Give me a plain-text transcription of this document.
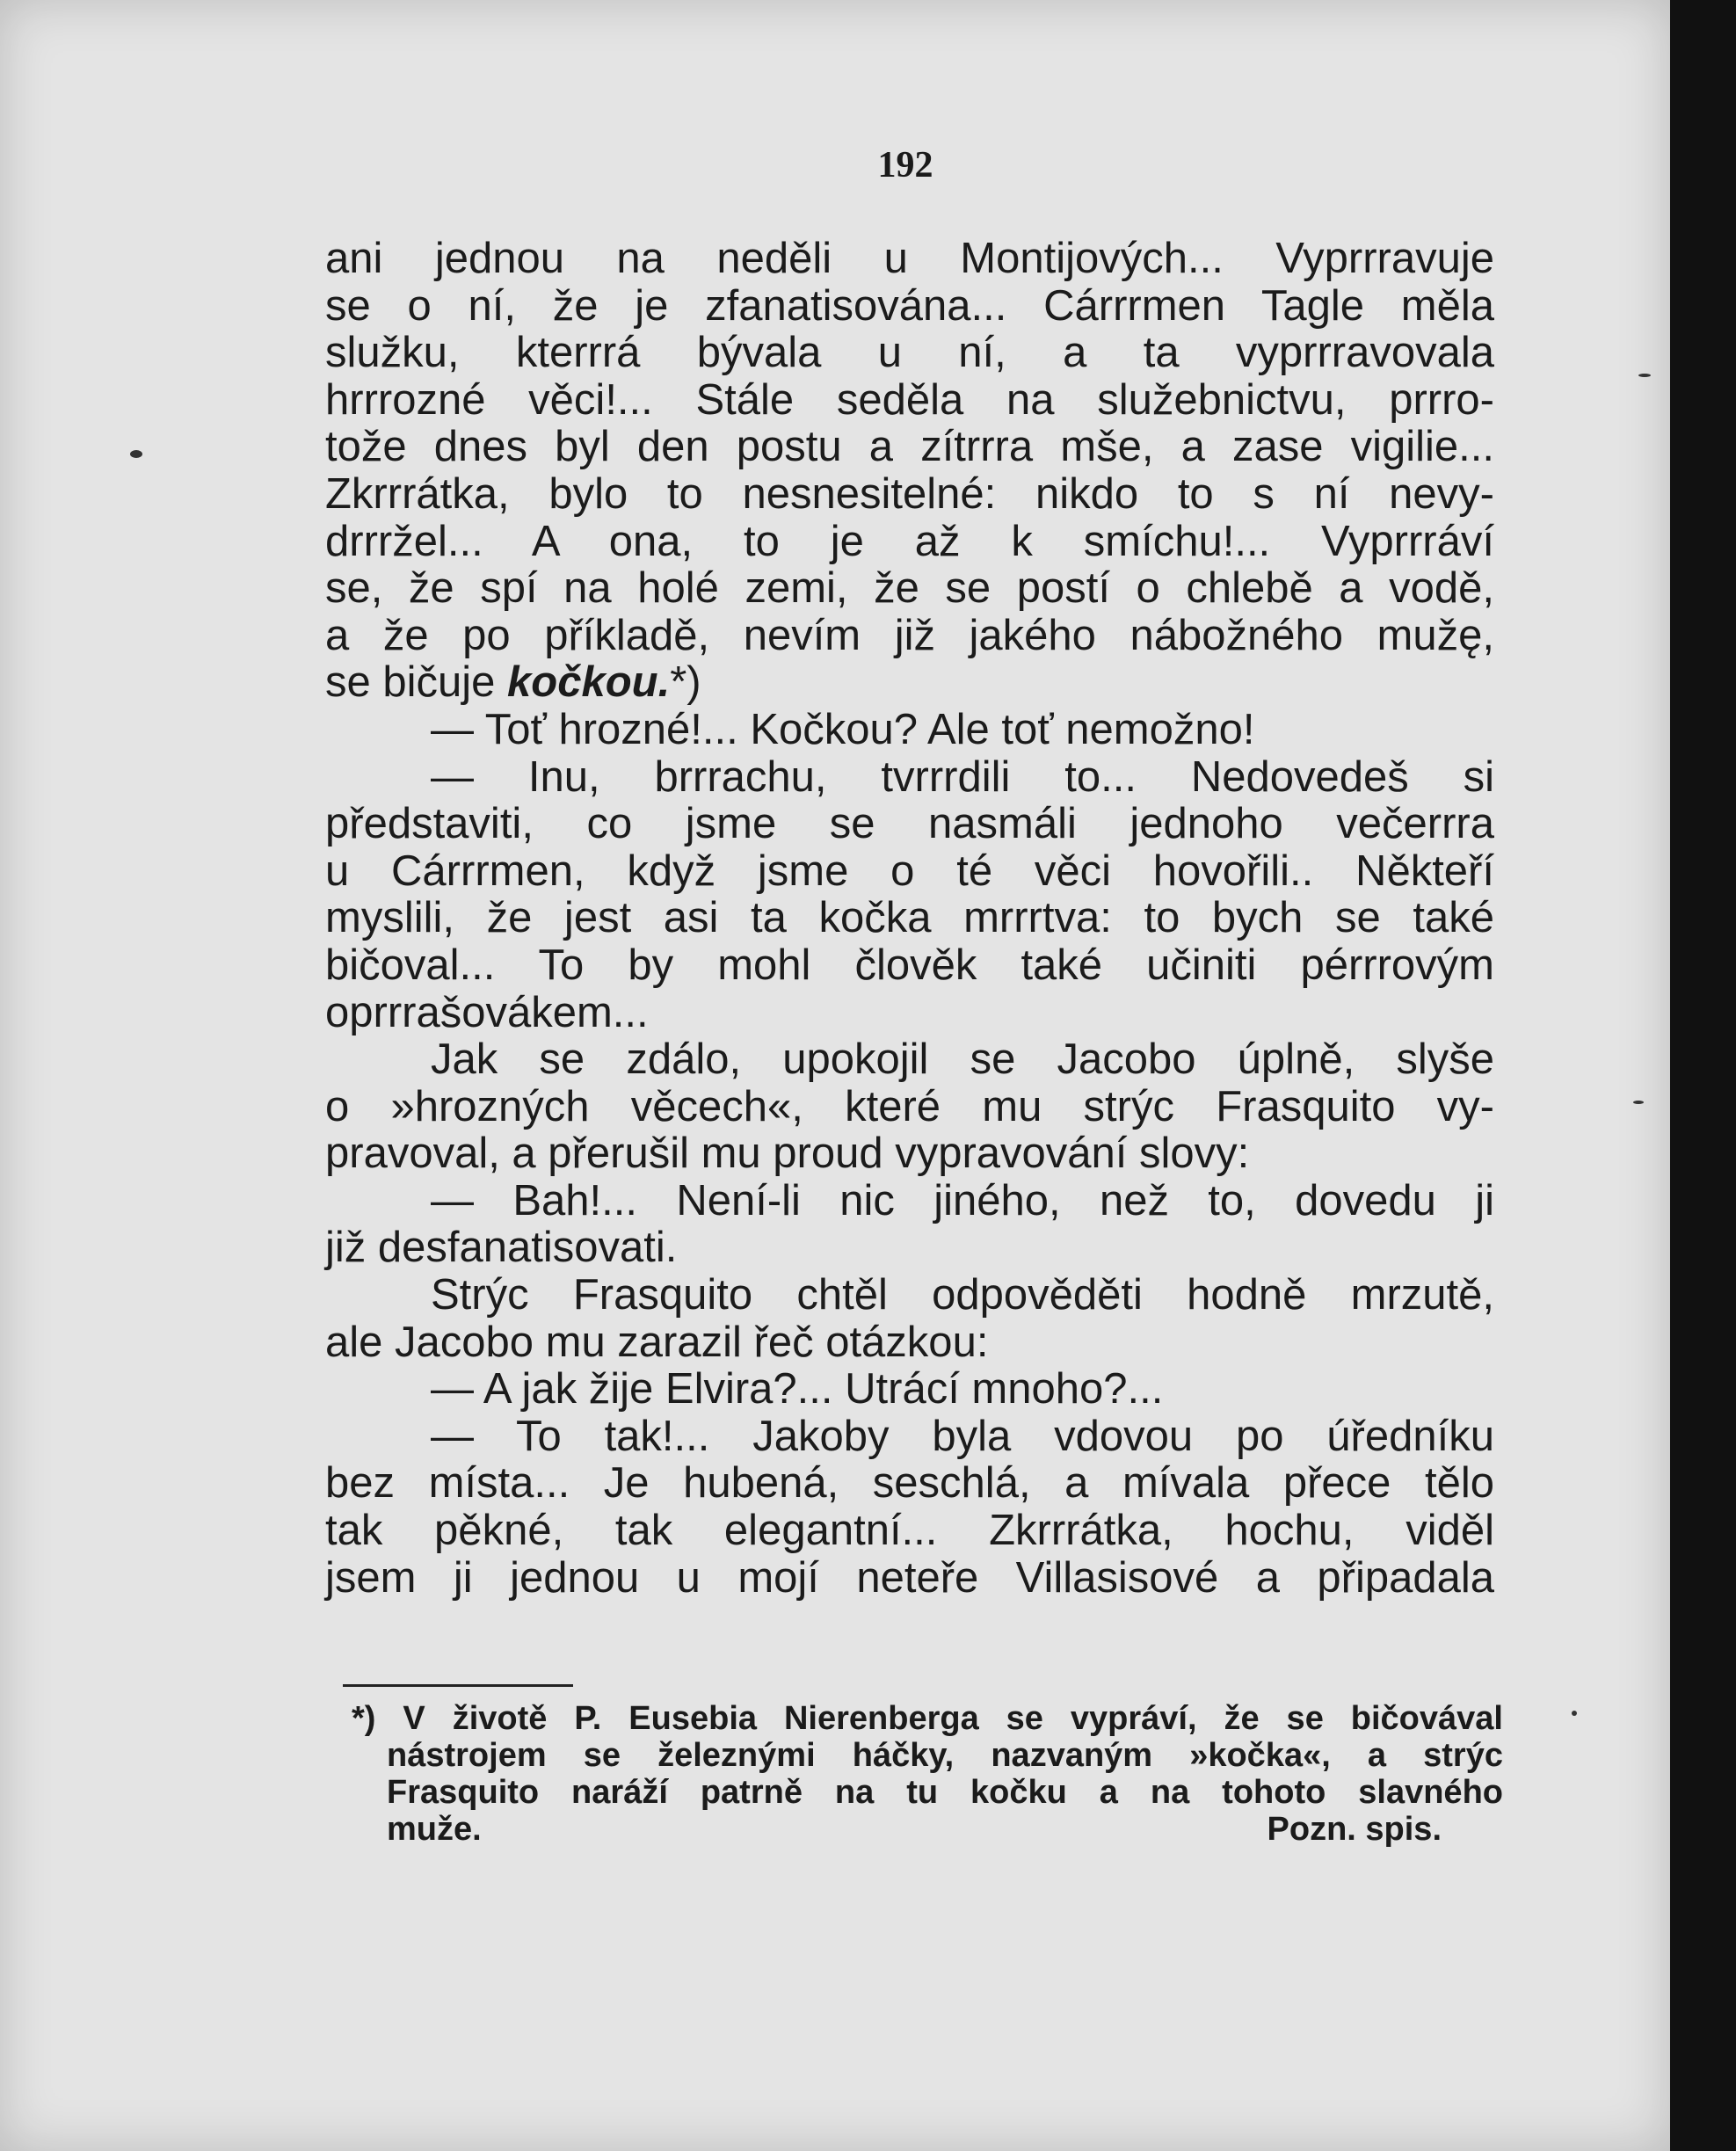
192
ani jednou na neděli u Montijových... Vyprrravuje
se o ní, že je zfanatisována... Cárrrmen Tagle měla
služku, kterrrá bývala u ní, a ta vyprrravovala
hrrrozné věci!... Stále seděla na služebnictvu, prrro-
tože dnes byl den postu a zítrrra mše, a zase vigilie...
Zkrrrátka, bylo to nesnesitelné: nikdo to s ní nevy-
drrržel... A ona, to je až k smíchu!... Vyprrráví
se, že spí na holé zemi, že se postí o chlebě a vodě,
a že po příkladě, nevím již jakého nábožného mužę,
se bičuje kočkou.*)
— Toť hrozné!... Kočkou? Ale toť nemožno!
— Inu, brrrachu, tvrrrdili to... Nedovedeš si
představiti, co jsme se nasmáli jednoho večerrra
u Cárrrmen, když jsme o té věci hovořili.. Někteří
myslili, že jest asi ta kočka mrrrtva: to bych se také
bičoval... To by mohl člověk také učiniti pérrrovým
oprrrašovákem...
Jak se zdálo, upokojil se Jacobo úplně, slyše
o »hrozných věcech«, které mu strýc Frasquito vy-
pravoval, a přerušil mu proud vypravování slovy:
— Bah!... Není-li nic jiného, než to, dovedu ji
již desfanatisovati.
Strýc Frasquito chtěl odpověděti hodně mrzutě,
ale Jacobo mu zarazil řeč otázkou:
— A jak žije Elvira?... Utrácí mnoho?...
— To tak!... Jakoby byla vdovou po úředníku
bez místa... Je hubená, seschlá, a mívala přece tělo
tak pěkné, tak elegantní... Zkrrrátka, hochu, viděl
jsem ji jednou u mojí neteře Villasisové a připadala
*) V životě P. Eusebia Nierenberga se vypráví, že se bičovával
nástrojem se železnými háčky, nazvaným »kočka«, a strýc
Frasquito naráží patrně na tu kočku a na tohoto slavného
muže.	Pozn. spis.
